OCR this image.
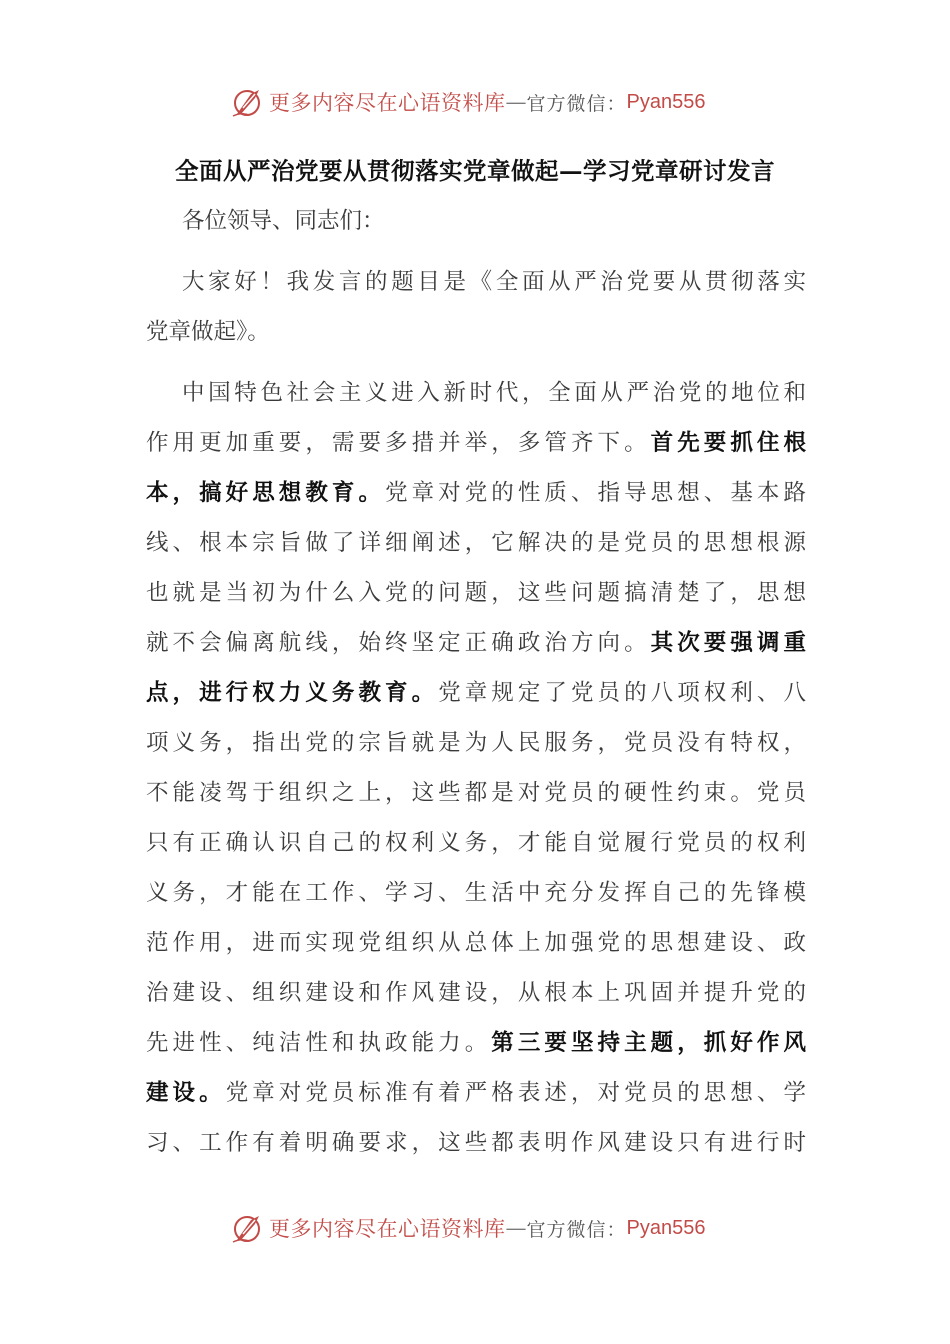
更多内容尽在心语资料库 — 官方微信： Pyan556
全面从严治党要从贯彻落实党章做起—学习党章研讨发言
各位领导、同志们：
大家好！我发言的题目是《全面从严治党要从贯彻落实
党章做起》。
中国特色社会主义进入新时代，全面从严治党的地位和
作用更加重要，需要多措并举，多管齐下。首先要抓住根
本，搞好思想教育。党章对党的性质、指导思想、基本路
线、根本宗旨做了详细阐述，它解决的是党员的思想根源
也就是当初为什么入党的问题，这些问题搞清楚了，思想
就不会偏离航线，始终坚定正确政治方向。其次要强调重
点，进行权力义务教育。党章规定了党员的八项权利、八
项义务，指出党的宗旨就是为人民服务，党员没有特权，
不能凌驾于组织之上，这些都是对党员的硬性约束。党员
只有正确认识自己的权利义务，才能自觉履行党员的权利
义务，才能在工作、学习、生活中充分发挥自己的先锋模
范作用，进而实现党组织从总体上加强党的思想建设、政
治建设、组织建设和作风建设，从根本上巩固并提升党的
先进性、纯洁性和执政能力。第三要坚持主题，抓好作风
建设。党章对党员标准有着严格表述，对党员的思想、学
习、工作有着明确要求，这些都表明作风建设只有进行时
更多内容尽在心语资料库 — 官方微信： Pyan556
